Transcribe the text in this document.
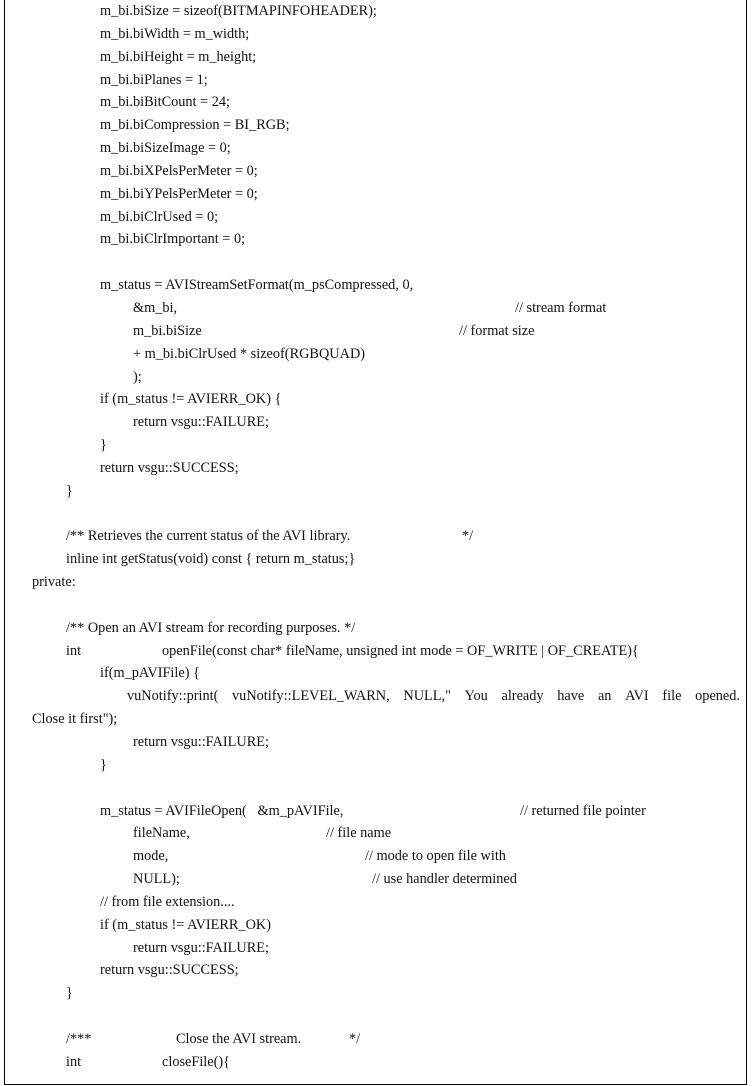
m_bi.biSize = sizeof(BITMAPINFOHEADER);
m_bi.biWidth = m_width;
m_bi.biHeight = m_height;
m_bi.biPlanes = 1;
m_bi.biBitCount = 24;
m_bi.biCompression = BI_RGB;
m_bi.biSizeImage = 0;
m_bi.biXPelsPerMeter = 0;
m_bi.biYPelsPerMeter = 0;
m_bi.biClrUsed = 0;
m_bi.biClrImportant = 0;
m_status = AVIStreamSetFormat(m_psCompressed, 0,
&m_bi,	// stream format
m_bi.biSize	// format size
+ m_bi.biClrUsed * sizeof(RGBQUAD)
);
if (m_status != AVIERR_OK) {
return vsgu::FAILURE;
}
return vsgu::SUCCESS;
}
/** Retrieves the current status of the AVI library.	*/
inline int getStatus(void) const { return m_status;}
private:
/** Open an AVI stream for recording purposes. */
int	openFile(const char* fileName, unsigned int mode = OF_WRITE | OF_CREATE){
if(m_pAVIFile) {
vuNotify::print( vuNotify::LEVEL_WARN, NULL," You already have an AVI file opened.
Close it first");
return vsgu::FAILURE;
}
m_status = AVIFileOpen(   &m_pAVIFile,	// returned file pointer
fileName,	// file name
mode,	// mode to open file with
NULL);	// use handler determined
// from file extension....
if (m_status != AVIERR_OK)
return vsgu::FAILURE;
return vsgu::SUCCESS;
}
/***	Close the AVI stream.	*/
int	closeFile(){
